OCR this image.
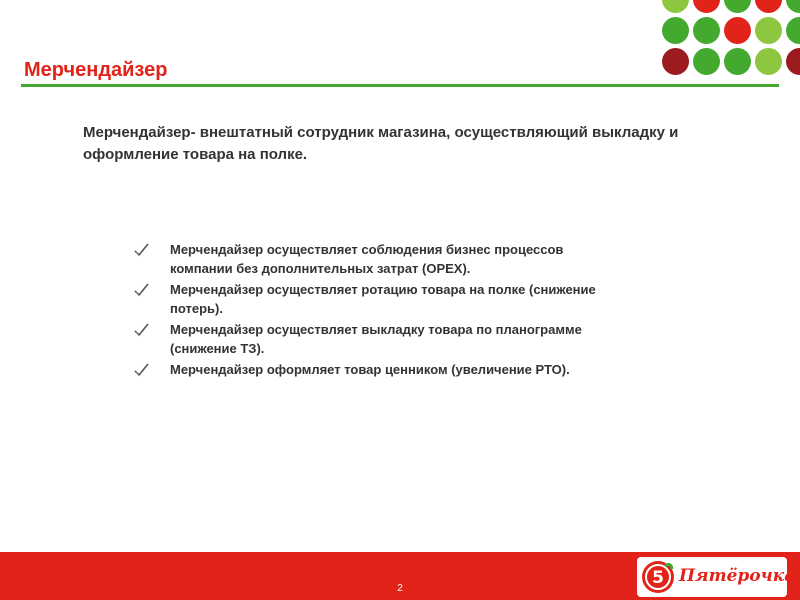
Мерчендайзер
Мерчендайзер- внештатный сотрудник магазина, осуществляющий выкладку и оформление товара на полке.
Мерчендайзер осуществляет соблюдения бизнес процессов компании без дополнительных затрат (OPEX).
Мерчендайзер осуществляет ротацию товара на полке (снижение потерь).
Мерчендайзер осуществляет выкладку товара по планограмме (снижение ТЗ).
Мерчендайзер оформляет товар ценником (увеличение РТО).
2
5 Пятёрочка
